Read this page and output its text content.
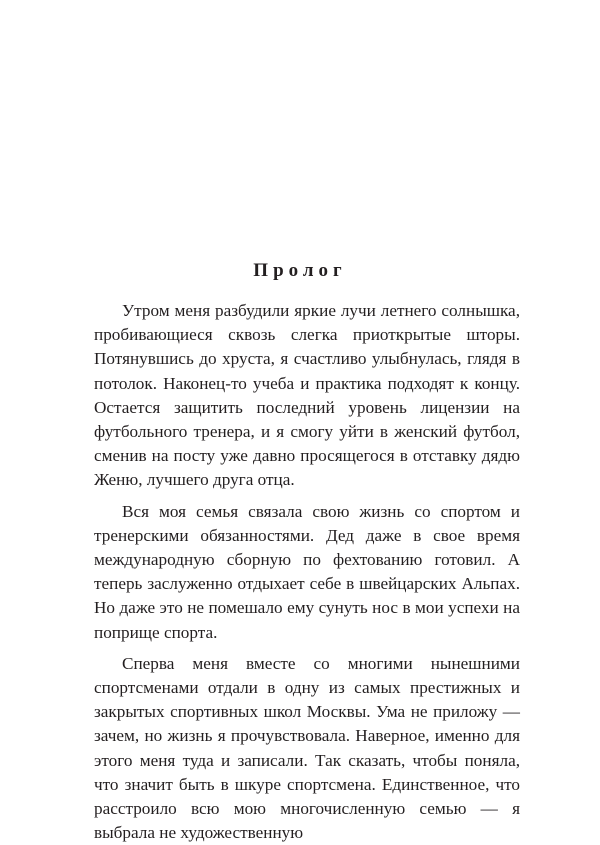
Пролог

Утром меня разбудили яркие лучи летнего солнышка, пробивающиеся сквозь слегка приоткрытые шторы. Потянувшись до хруста, я счастливо улыбнулась, глядя в потолок. Наконец-то учеба и практика подходят к концу. Остается защитить последний уровень лицензии на футбольного тренера, и я смогу уйти в женский футбол, сменив на посту уже давно просящегося в отставку дядю Женю, лучшего друга отца.

Вся моя семья связала свою жизнь со спортом и тренерскими обязанностями. Дед даже в свое время международную сборную по фехтованию готовил. А теперь заслуженно отдыхает себе в швейцарских Альпах. Но даже это не помешало ему сунуть нос в мои успехи на поприще спорта.

Сперва меня вместе со многими нынешними спортсменами отдали в одну из самых престижных и закрытых спортивных школ Москвы. Ума не приложу — зачем, но жизнь я прочувствовала. Наверное, именно для этого меня туда и записали. Так сказать, чтобы поняла, что значит быть в шкуре спортсмена. Единственное, что расстроило всю мою многочисленную семью — я выбрала не художественную
